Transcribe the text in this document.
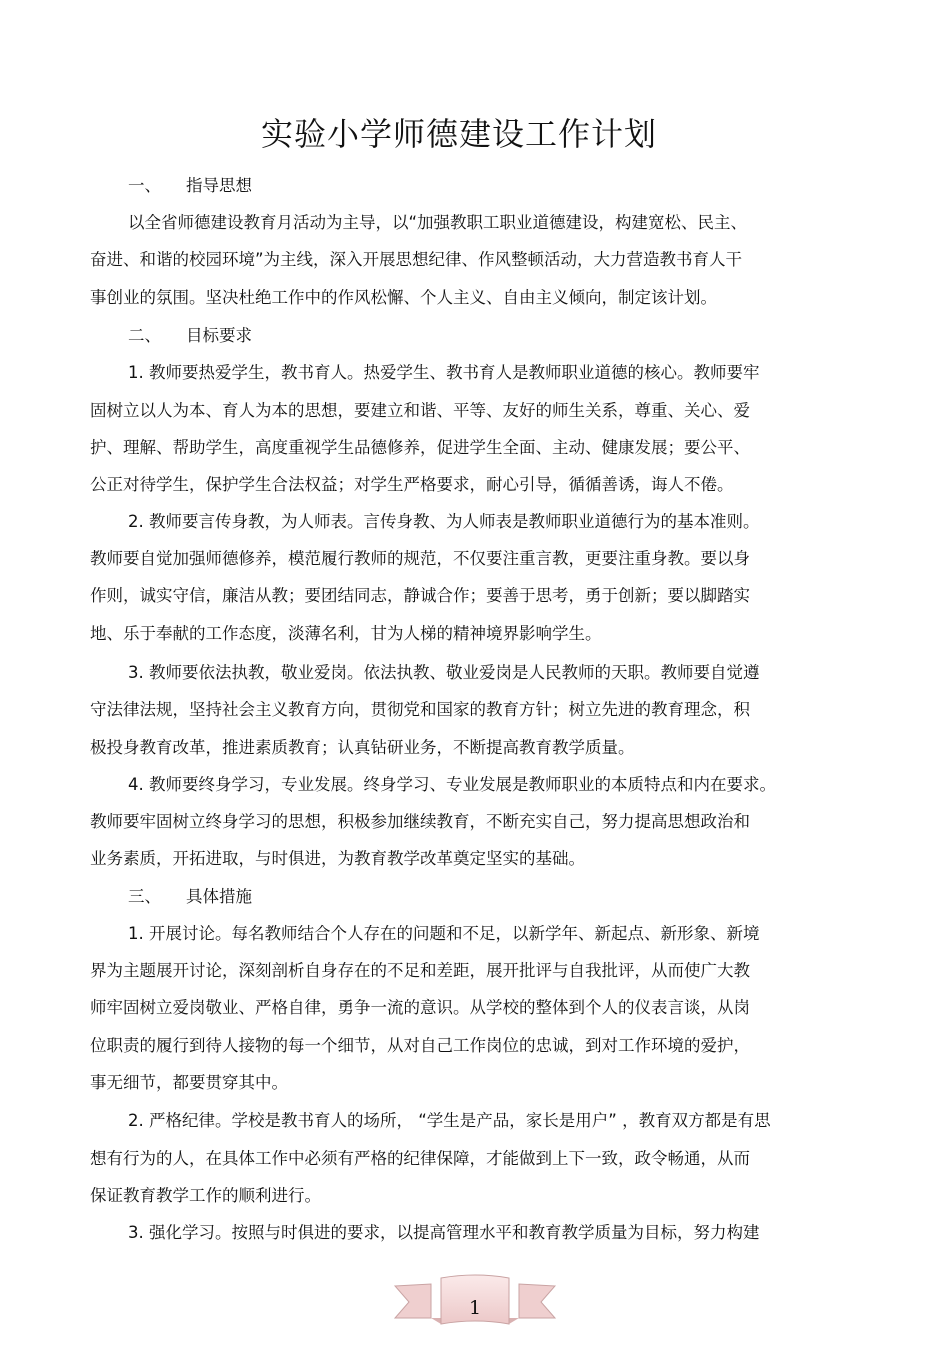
实验小学师德建设工作计划
一、 指导思想
以全省师德建设教育月活动为主导，以“加强教职工职业道德建设，构建宽松、民主、
奋进、和谐的校园环境”为主线，深入开展思想纪律、作风整顿活动，大力营造教书育人干
事创业的氛围。坚决杜绝工作中的作风松懈、个人主义、自由主义倾向，制定该计划。
二、 目标要求
1. 教师要热爱学生，教书育人。热爱学生、教书育人是教师职业道德的核心。教师要牢
固树立以人为本、育人为本的思想，要建立和谐、平等、友好的师生关系，尊重、关心、爱
护、理解、帮助学生，高度重视学生品德修养，促进学生全面、主动、健康发展；要公平、
公正对待学生，保护学生合法权益；对学生严格要求，耐心引导，循循善诱，诲人不倦。
2. 教师要言传身教，为人师表。言传身教、为人师表是教师职业道德行为的基本准则。
教师要自觉加强师德修养，模范履行教师的规范，不仅要注重言教，更要注重身教。要以身
作则，诚实守信，廉洁从教；要团结同志，静诚合作；要善于思考，勇于创新；要以脚踏实
地、乐于奉献的工作态度，淡薄名利，甘为人梯的精神境界影响学生。
3. 教师要依法执教，敬业爱岗。依法执教、敬业爱岗是人民教师的天职。教师要自觉遵
守法律法规，坚持社会主义教育方向，贯彻党和国家的教育方针；树立先进的教育理念，积
极投身教育改革，推进素质教育；认真钻研业务，不断提高教育教学质量。
4. 教师要终身学习，专业发展。终身学习、专业发展是教师职业的本质特点和内在要求。
教师要牢固树立终身学习的思想，积极参加继续教育，不断充实自己，努力提高思想政治和
业务素质，开拓进取，与时俱进，为教育教学改革奠定坚实的基础。
三、 具体措施
1. 开展讨论。每名教师结合个人存在的问题和不足，以新学年、新起点、新形象、新境
界为主题展开讨论，深刻剖析自身存在的不足和差距，展开批评与自我批评，从而使广大教
师牢固树立爱岗敬业、严格自律，勇争一流的意识。从学校的整体到个人的仪表言谈，从岗
位职责的履行到待人接物的每一个细节，从对自己工作岗位的忠诚，到对工作环境的爱护，
事无细节，都要贯穿其中。
2. 严格纪律。学校是教书育人的场所， “学生是产品，家长是用户” ，教育双方都是有思
想有行为的人，在具体工作中必须有严格的纪律保障，才能做到上下一致，政令畅通，从而
保证教育教学工作的顺利进行。
3. 强化学习。按照与时俱进的要求，以提高管理水平和教育教学质量为目标，努力构建
1
